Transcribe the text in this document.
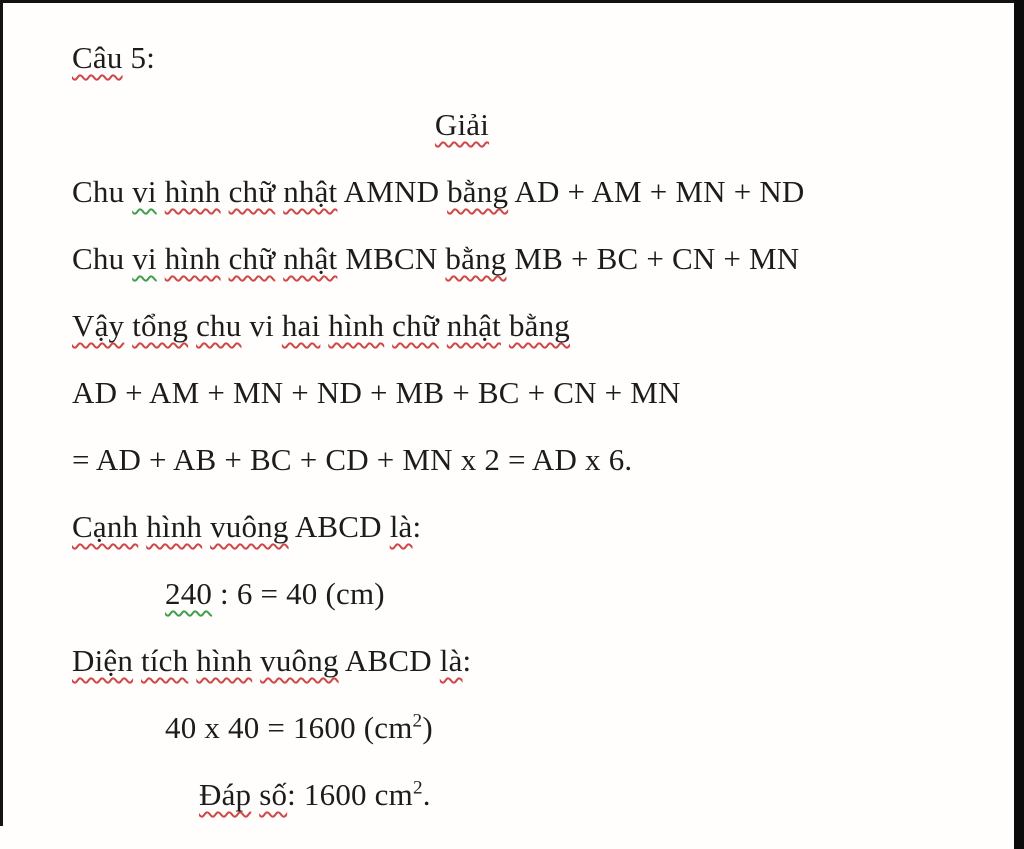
Câu 5:
Giải
Chu vi hình chữ nhật AMND bằng AD + AM + MN + ND
Chu vi hình chữ nhật MBCN bằng MB + BC + CN + MN
Vậy tổng chu vi hai hình chữ nhật bằng
AD + AM + MN + ND + MB + BC + CN + MN
= AD + AB + BC + CD + MN x 2 = AD x 6.
Cạnh hình vuông ABCD là:
240 : 6 = 40 (cm)
Diện tích hình vuông ABCD là:
40 x 40 = 1600 $(cm^2)$
Đáp số: 1600 $cm^2$.
